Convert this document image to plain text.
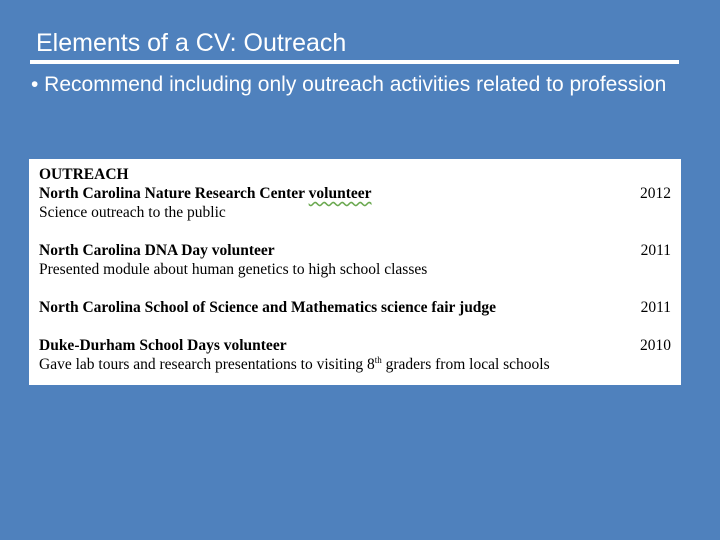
Elements of a CV: Outreach
• Recommend including only outreach activities related to profession
OUTREACH
North Carolina Nature Research Center volunteer	2012
Science outreach to the public
North Carolina DNA Day volunteer	2011
Presented module about human genetics to high school classes
North Carolina School of Science and Mathematics science fair judge	2011
Duke-Durham School Days volunteer	2010
Gave lab tours and research presentations to visiting 8th graders from local schools
